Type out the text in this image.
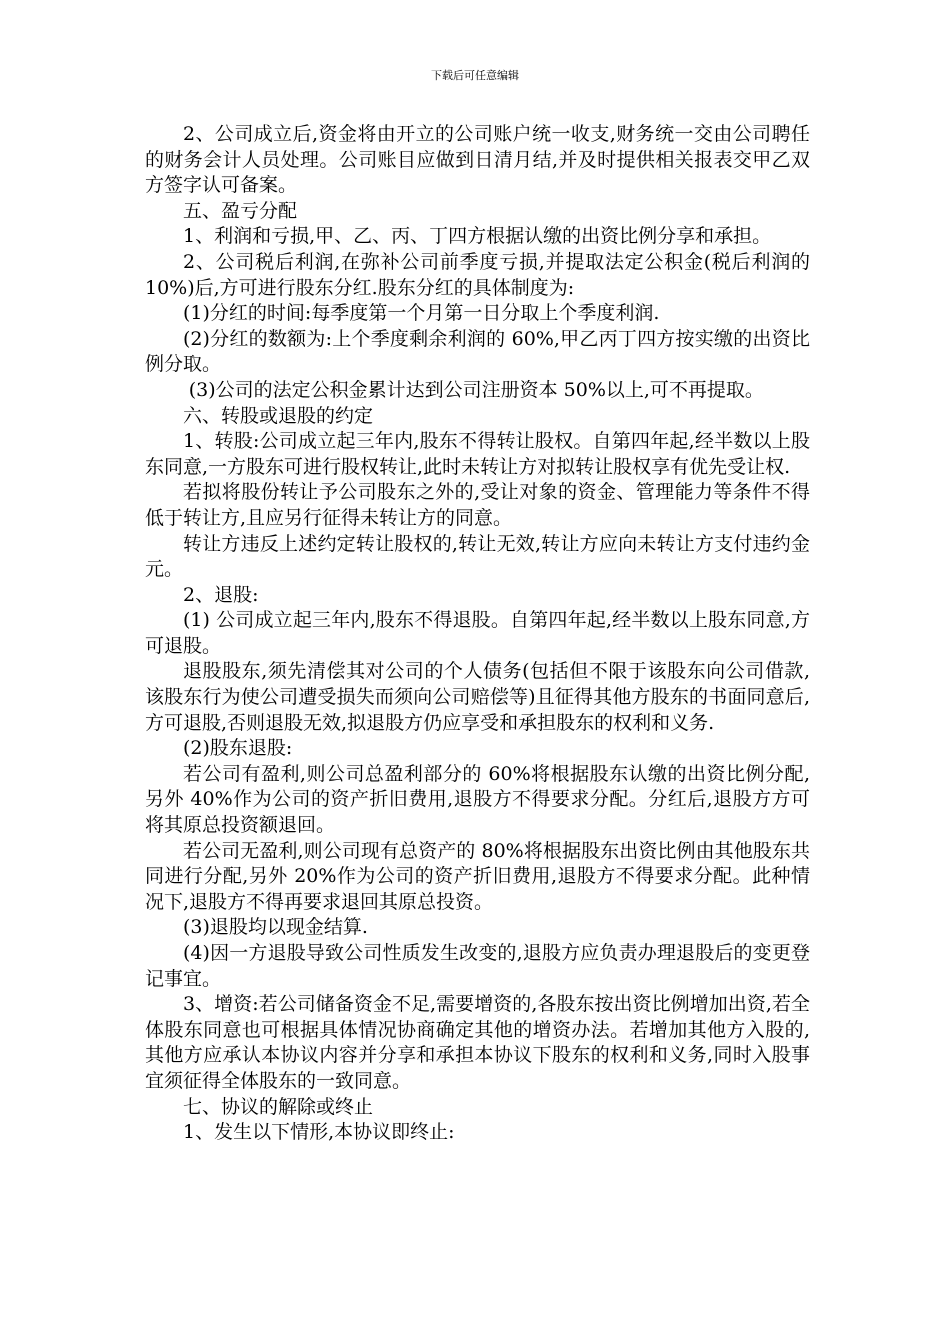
下载后可任意编辑

2、公司成立后,资金将由开立的公司账户统一收支,财务统一交由公司聘任的财务会计人员处理。公司账目应做到日清月结,并及时提供相关报表交甲乙双方签字认可备案。

五、盈亏分配

1、利润和亏损,甲、乙、丙、丁四方根据认缴的出资比例分享和承担。

2、公司税后利润,在弥补公司前季度亏损,并提取法定公积金(税后利润的 10%)后,方可进行股东分红.股东分红的具体制度为:

(1)分红的时间:每季度第一个月第一日分取上个季度利润.

(2)分红的数额为:上个季度剩余利润的 60%,甲乙丙丁四方按实缴的出资比例分取。

(3)公司的法定公积金累计达到公司注册资本 50%以上,可不再提取。

六、转股或退股的约定

1、转股:公司成立起三年内,股东不得转让股权。自第四年起,经半数以上股东同意,一方股东可进行股权转让,此时未转让方对拟转让股权享有优先受让权.

若拟将股份转让予公司股东之外的,受让对象的资金、管理能力等条件不得低于转让方,且应另行征得未转让方的同意。

转让方违反上述约定转让股权的,转让无效,转让方应向未转让方支付违约金　 元。

2、退股:

(1) 公司成立起三年内,股东不得退股。自第四年起,经半数以上股东同意,方可退股。

退股股东,须先清偿其对公司的个人债务(包括但不限于该股东向公司借款,该股东行为使公司遭受损失而须向公司赔偿等)且征得其他方股东的书面同意后,方可退股,否则退股无效,拟退股方仍应享受和承担股东的权利和义务.

(2)股东退股:

若公司有盈利,则公司总盈利部分的 60%将根据股东认缴的出资比例分配,另外 40%作为公司的资产折旧费用,退股方不得要求分配。分红后,退股方方可将其原总投资额退回。

若公司无盈利,则公司现有总资产的 80%将根据股东出资比例由其他股东共同进行分配,另外 20%作为公司的资产折旧费用,退股方不得要求分配。此种情况下,退股方不得再要求退回其原总投资。

(3)退股均以现金结算.

(4)因一方退股导致公司性质发生改变的,退股方应负责办理退股后的变更登记事宜。

3、增资:若公司储备资金不足,需要增资的,各股东按出资比例增加出资,若全体股东同意也可根据具体情况协商确定其他的增资办法。若增加其他方入股的,其他方应承认本协议内容并分享和承担本协议下股东的权利和义务,同时入股事宜须征得全体股东的一致同意。

七、协议的解除或终止

1、发生以下情形,本协议即终止:
